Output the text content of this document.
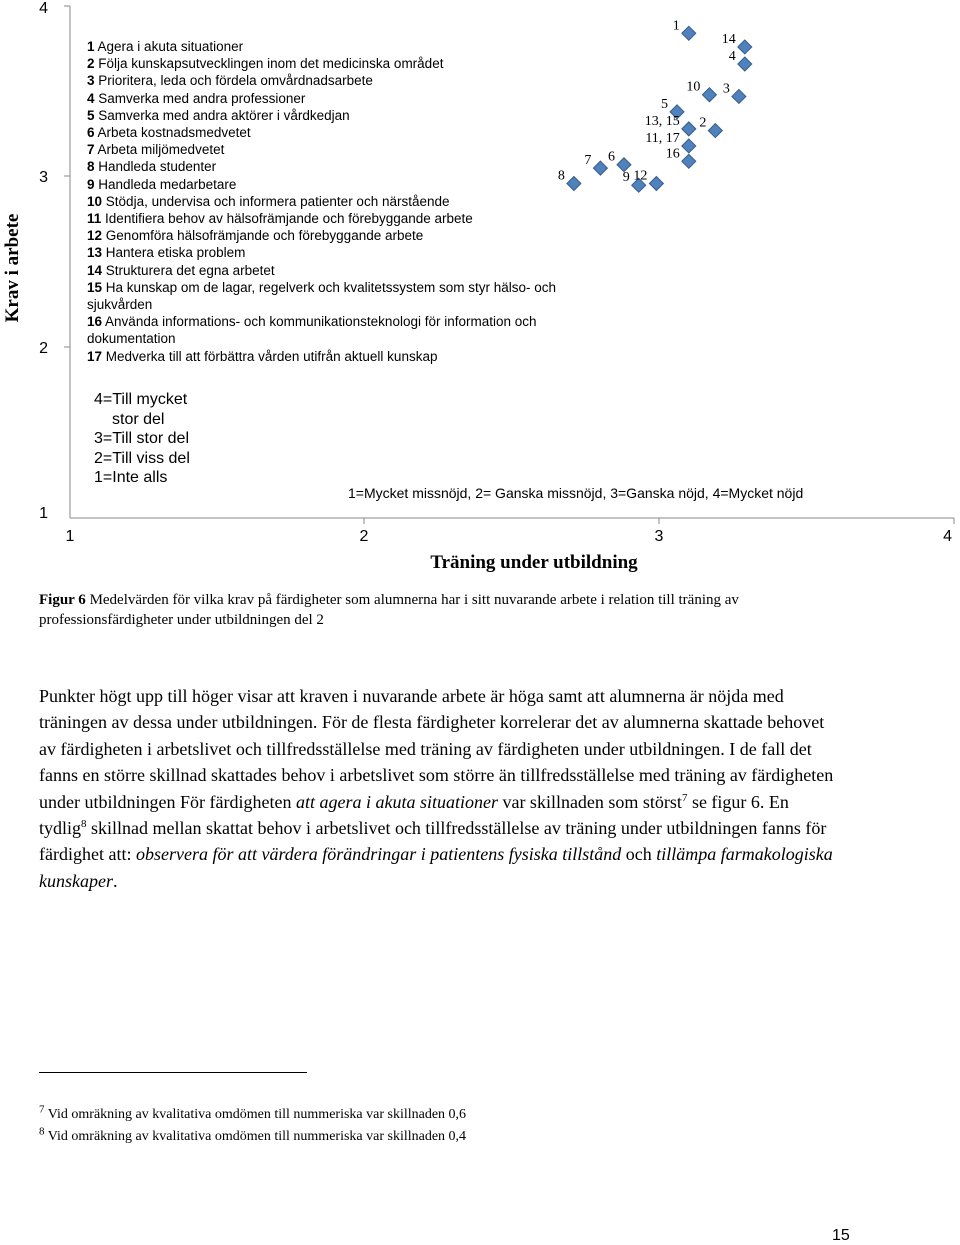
4
3
2
1
1	2	3	4
Krav i arbete
Träning under utbildning
1
14
4
10 3
5
13, 15 2
11, 17
16
7 6
8	9 12
1 Agera i akuta situationer
2 Följa kunskapsutvecklingen inom det medicinska området
3 Prioritera, leda och fördela omvårdnadsarbete
4 Samverka med andra professioner
5 Samverka med andra aktörer i vårdkedjan
6 Arbeta kostnadsmedvetet
7 Arbeta miljömedvetet
8 Handleda studenter
9 Handleda medarbetare
10 Stödja, undervisa och informera patienter och närstående
11 Identifiera behov av hälsofrämjande och förebyggande arbete
12 Genomföra hälsofrämjande och förebyggande arbete
13 Hantera etiska problem
14 Strukturera det egna arbetet
15 Ha kunskap om de lagar, regelverk och kvalitetssystem som styr hälso- och sjukvården
16 Använda informations- och kommunikationsteknologi för information och dokumentation
17 Medverka till att förbättra vården utifrån aktuell kunskap
4=Till mycket
stor del
3=Till stor del
2=Till viss del
1=Inte alls
1=Mycket missnöjd, 2= Ganska missnöjd, 3=Ganska nöjd, 4=Mycket nöjd
Figur 6 Medelvärden för vilka krav på färdigheter som alumnerna har i sitt nuvarande arbete i relation till träning av professionsfärdigheter under utbildningen del 2

Punkter högt upp till höger visar att kraven i nuvarande arbete är höga samt att alumnerna är nöjda med träningen av dessa under utbildningen. För de flesta färdigheter korrelerar det av alumnerna skattade behovet av färdigheten i arbetslivet och tillfredsställelse med träning av färdigheten under utbildningen. I de fall det fanns en större skillnad skattades behov i arbetslivet som större än tillfredsställelse med träning av färdigheten under utbildningen För färdigheten att agera i akuta situationer var skillnaden som störst$^7$ se figur 6. En tydlig$^8$ skillnad mellan skattat behov i arbetslivet och tillfredsställelse av träning under utbildningen fanns för färdighet att: observera för att värdera förändringar i patientens fysiska tillstånd och tillämpa farmakologiska kunskaper.

$^7$ Vid omräkning av kvalitativa omdömen till nummeriska var skillnaden 0,6
$^8$ Vid omräkning av kvalitativa omdömen till nummeriska var skillnaden 0,4
15
